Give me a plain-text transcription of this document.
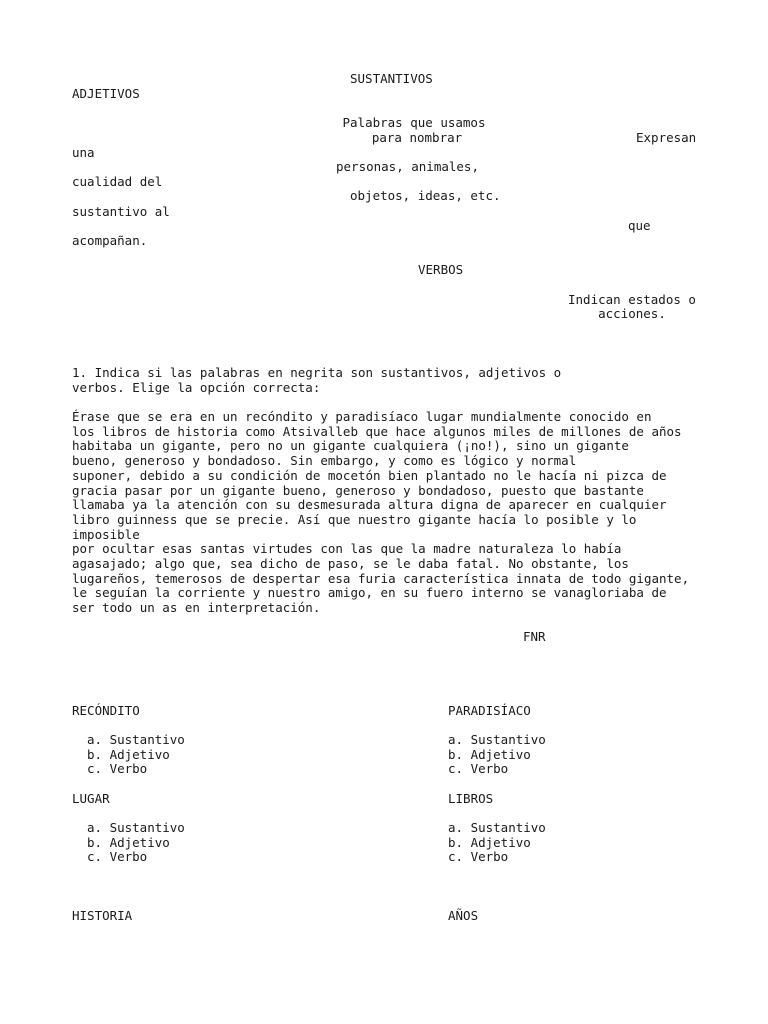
SUSTANTIVOS
ADJETIVOS
Palabras que usamos
para nombrar	Expresan
una
personas, animales,
cualidad del
objetos, ideas, etc.
sustantivo al
que
acompañan.
VERBOS
Indican estados o
acciones.
1. Indica si las palabras en negrita son sustantivos, adjetivos o
verbos. Elige la opción correcta:
Érase que se era en un recóndito y paradisíaco lugar mundialmente conocido en
los libros de historia como Atsivalleb que hace algunos miles de millones de años
habitaba un gigante, pero no un gigante cualquiera (¡no!), sino un gigante
bueno, generoso y bondadoso. Sin embargo, y como es lógico y normal
suponer, debido a su condición de mocetón bien plantado no le hacía ni pizca de
gracia pasar por un gigante bueno, generoso y bondadoso, puesto que bastante
llamaba ya la atención con su desmesurada altura digna de aparecer en cualquier
libro guinness que se precie. Así que nuestro gigante hacía lo posible y lo
imposible
por ocultar esas santas virtudes con las que la madre naturaleza lo había
agasajado; algo que, sea dicho de paso, se le daba fatal. No obstante, los
lugareños, temerosos de despertar esa furia característica innata de todo gigante,
le seguían la corriente y nuestro amigo, en su fuero interno se vanagloriaba de
ser todo un as en interpretación.
FNR
RECÓNDITO
a. Sustantivo
b. Adjetivo
c. Verbo
PARADISÍACO
a. Sustantivo
b. Adjetivo
c. Verbo
LUGAR
a. Sustantivo
b. Adjetivo
c. Verbo
LIBROS
a. Sustantivo
b. Adjetivo
c. Verbo
HISTORIA	AÑOS
